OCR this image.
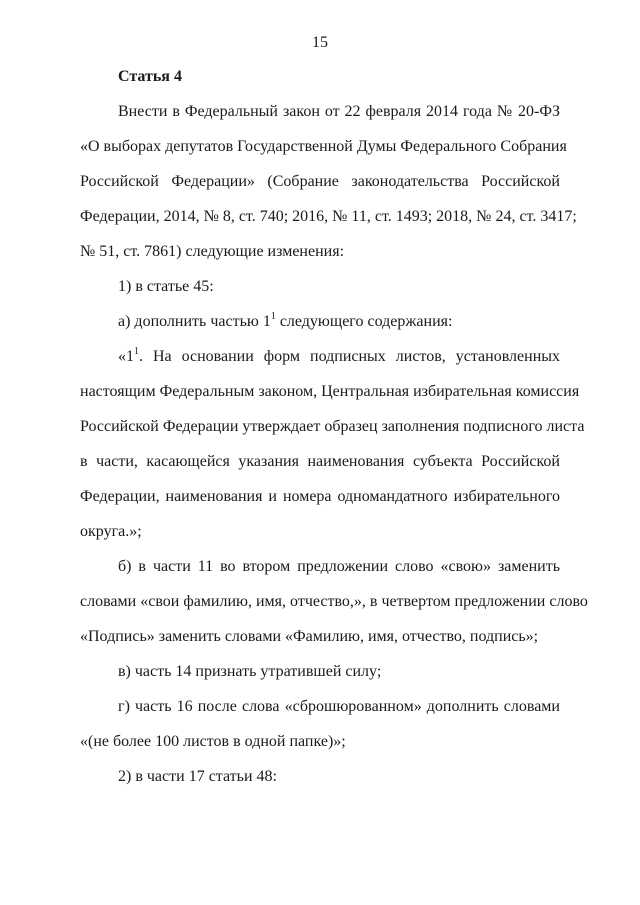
15
Статья 4
Внести в Федеральный закон от 22 февраля 2014 года № 20-ФЗ
«О выборах депутатов Государственной Думы Федерального Собрания
Российской Федерации» (Собрание законодательства Российской
Федерации, 2014, № 8, ст. 740; 2016, № 11, ст. 1493; 2018, № 24, ст. 3417;
№ 51, ст. 7861) следующие изменения:
1) в статье 45:
а) дополнить частью $1^1$ следующего содержания:
«$1^1$. На основании форм подписных листов, установленных
настоящим Федеральным законом, Центральная избирательная комиссия
Российской Федерации утверждает образец заполнения подписного листа
в части, касающейся указания наименования субъекта Российской
Федерации, наименования и номера одномандатного избирательного
округа.»;
б) в части 11 во втором предложении слово «свою» заменить
словами «свои фамилию, имя, отчество,», в четвертом предложении слово
«Подпись» заменить словами «Фамилию, имя, отчество, подпись»;
в) часть 14 признать утратившей силу;
г) часть 16 после слова «сброшюрованном» дополнить словами
«(не более 100 листов в одной папке)»;
2) в части 17 статьи 48:
